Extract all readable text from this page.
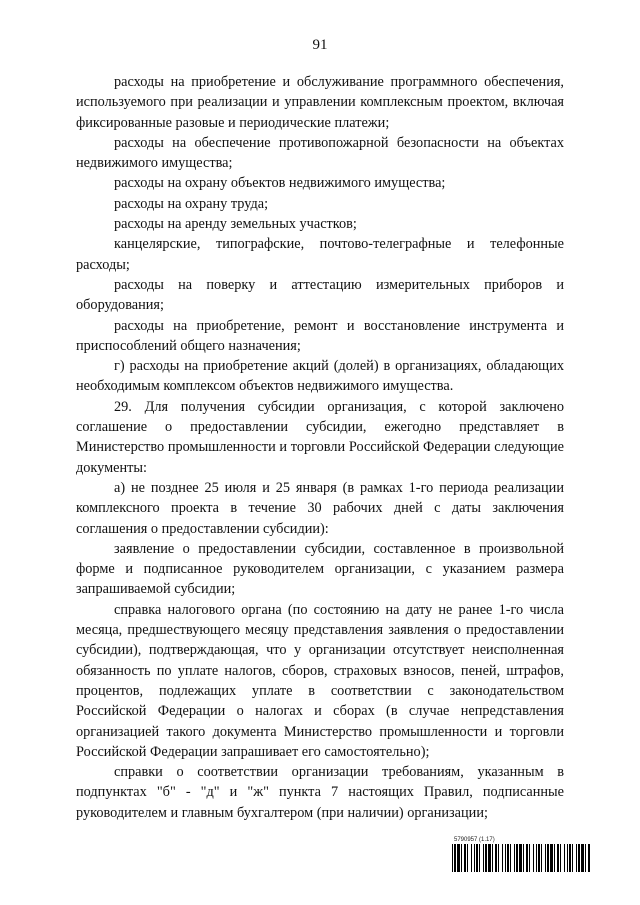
91

расходы на приобретение и обслуживание программного обеспечения, используемого при реализации и управлении комплексным проектом, включая фиксированные разовые и периодические платежи;

расходы на обеспечение противопожарной безопасности на объектах недвижимого имущества;

расходы на охрану объектов недвижимого имущества;

расходы на охрану труда;

расходы на аренду земельных участков;

канцелярские, типографские, почтово-телеграфные и телефонные расходы;

расходы на поверку и аттестацию измерительных приборов и оборудования;

расходы на приобретение, ремонт и восстановление инструмента и приспособлений общего назначения;

г) расходы на приобретение акций (долей) в организациях, обладающих необходимым комплексом объектов недвижимого имущества.

29. Для получения субсидии организация, с которой заключено соглашение о предоставлении субсидии, ежегодно представляет в Министерство промышленности и торговли Российской Федерации следующие документы:

а) не позднее 25 июля и 25 января (в рамках 1-го периода реализации комплексного проекта в течение 30 рабочих дней с даты заключения соглашения о предоставлении субсидии):

заявление о предоставлении субсидии, составленное в произвольной форме и подписанное руководителем организации, с указанием размера запрашиваемой субсидии;

справка налогового органа (по состоянию на дату не ранее 1-го числа месяца, предшествующего месяцу представления заявления о предоставлении субсидии), подтверждающая, что у организации отсутствует неисполненная обязанность по уплате налогов, сборов, страховых взносов, пеней, штрафов, процентов, подлежащих уплате в соответствии с законодательством Российской Федерации о налогах и сборах (в случае непредставления организацией такого документа Министерство промышленности и торговли Российской Федерации запрашивает его самостоятельно);

справки о соответствии организации требованиям, указанным в подпунктах "б" - "д" и "ж" пункта 7 настоящих Правил, подписанные руководителем и главным бухгалтером (при наличии) организации;

5790957 (1.17)
